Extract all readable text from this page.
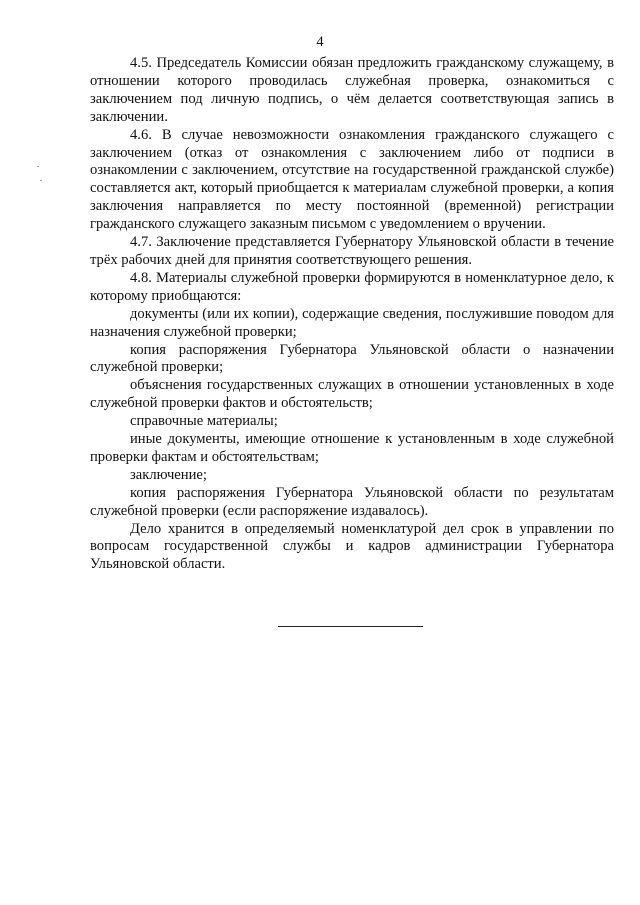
4

4.5. Председатель Комиссии обязан предложить гражданскому служащему, в отношении которого проводилась служебная проверка, ознакомиться с заключением под личную подпись, о чём делается соответствующая запись в заключении.

4.6. В случае невозможности ознакомления гражданского служащего с заключением (отказ от ознакомления с заключением либо от подписи в ознакомлении с заключением, отсутствие на государственной гражданской службе) составляется акт, который приобщается к материалам служебной проверки, а копия заключения направляется по месту постоянной (временной) регистрации гражданского служащего заказным письмом с уведомлением о вручении.

4.7. Заключение представляется Губернатору Ульяновской области в течение трёх рабочих дней для принятия соответствующего решения.

4.8. Материалы служебной проверки формируются в номенклатурное дело, к которому приобщаются:

документы (или их копии), содержащие сведения, послужившие поводом для назначения служебной проверки;

копия распоряжения Губернатора Ульяновской области о назначении служебной проверки;

объяснения государственных служащих в отношении установленных в ходе служебной проверки фактов и обстоятельств;

справочные материалы;

иные документы, имеющие отношение к установленным в ходе служебной проверки фактам и обстоятельствам;

заключение;

копия распоряжения Губернатора Ульяновской области по результатам служебной проверки (если распоряжение издавалось).

Дело хранится в определяемый номенклатурой дел срок в управлении по вопросам государственной службы и кадров администрации Губернатора Ульяновской области.
